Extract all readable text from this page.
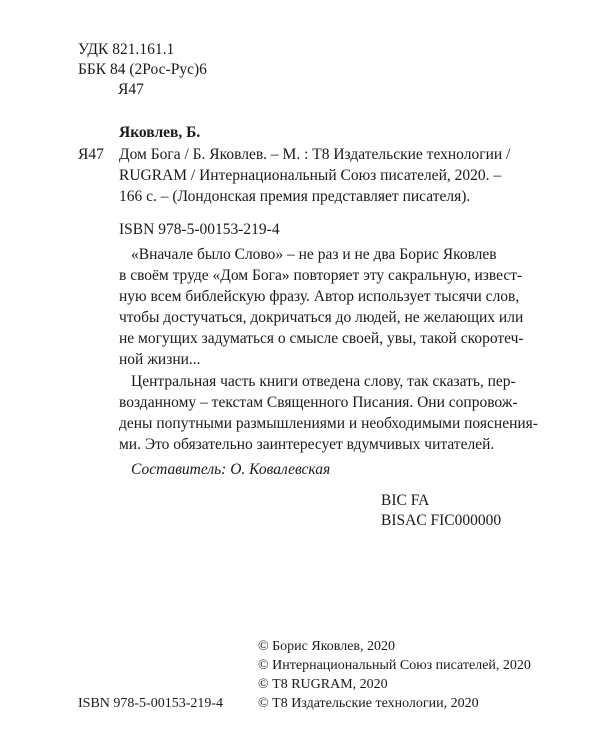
УДК 821.161.1
ББК 84 (2Рос-Рус)6
Я47
Яковлев, Б.
Я47 Дом Бога / Б. Яковлев. – М. : Т8 Издательские технологии /
RUGRAM / Интернациональный Союз писателей, 2020. –
166 с. – (Лондонская премия представляет писателя).
ISBN 978-5-00153-219-4
«Вначале было Слово» – не раз и не два Борис Яковлев
в своём труде «Дом Бога» повторяет эту сакральную, извест-
ную всем библейскую фразу. Автор использует тысячи слов,
чтобы достучаться, докричаться до людей, не желающих или
не могущих задуматься о смысле своей, увы, такой скоротеч-
ной жизни...
Центральная часть книги отведена слову, так сказать, пер-
возданному – текстам Священного Писания. Они сопровож-
дены попутными размышлениями и необходимыми пояснения-
ми. Это обязательно заинтересует вдумчивых читателей.
Составитель: О. Ковалевская
BIC FA
BISAC FIC000000
© Борис Яковлев, 2020
© Интернациональный Союз писателей, 2020
© Т8 RUGRAM, 2020
© Т8 Издательские технологии, 2020
ISBN 978-5-00153-219-4
